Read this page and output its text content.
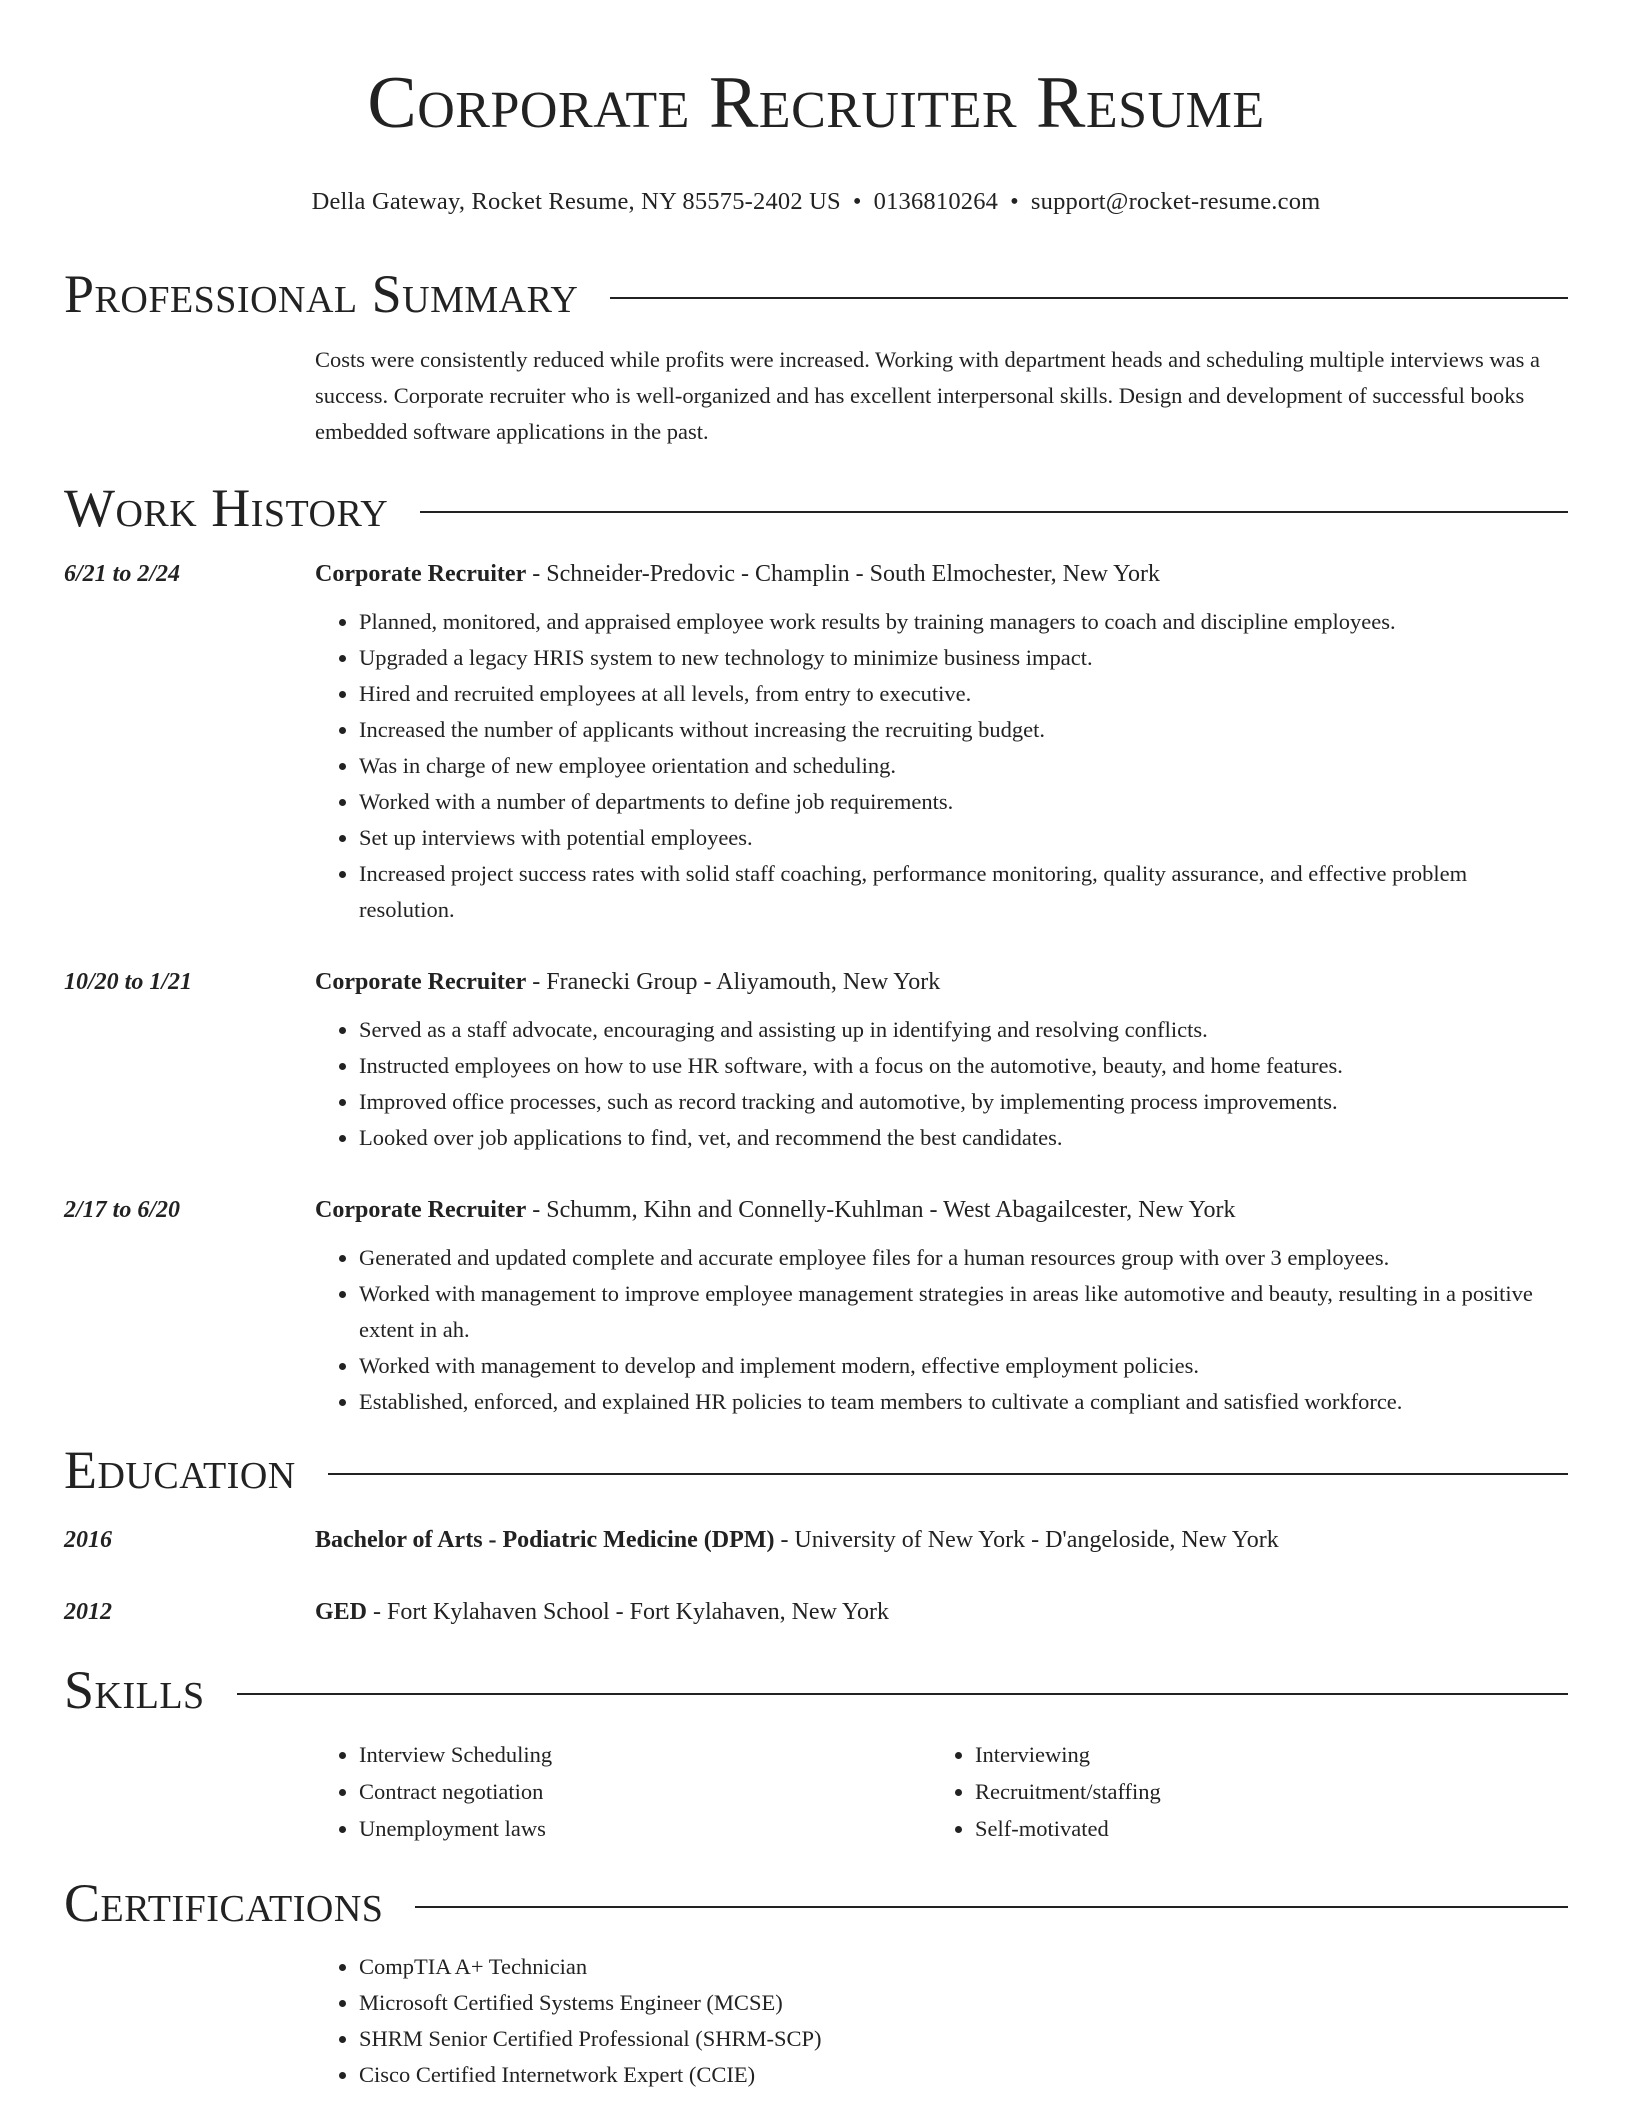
Corporate Recruiter Resume
Della Gateway, Rocket Resume, NY 85575-2402 US • 0136810264 • support@rocket-resume.com
Professional Summary
Costs were consistently reduced while profits were increased. Working with department heads and scheduling multiple interviews was a success. Corporate recruiter who is well-organized and has excellent interpersonal skills. Design and development of successful books embedded software applications in the past.
Work History
6/21 to 2/24	Corporate Recruiter - Schneider-Predovic - Champlin - South Elmochester, New York
• Planned, monitored, and appraised employee work results by training managers to coach and discipline employees.
• Upgraded a legacy HRIS system to new technology to minimize business impact.
• Hired and recruited employees at all levels, from entry to executive.
• Increased the number of applicants without increasing the recruiting budget.
• Was in charge of new employee orientation and scheduling.
• Worked with a number of departments to define job requirements.
• Set up interviews with potential employees.
• Increased project success rates with solid staff coaching, performance monitoring, quality assurance, and effective problem resolution.
10/20 to 1/21	Corporate Recruiter - Franecki Group - Aliyamouth, New York
• Served as a staff advocate, encouraging and assisting up in identifying and resolving conflicts.
• Instructed employees on how to use HR software, with a focus on the automotive, beauty, and home features.
• Improved office processes, such as record tracking and automotive, by implementing process improvements.
• Looked over job applications to find, vet, and recommend the best candidates.
2/17 to 6/20	Corporate Recruiter - Schumm, Kihn and Connelly-Kuhlman - West Abagailcester, New York
• Generated and updated complete and accurate employee files for a human resources group with over 3 employees.
• Worked with management to improve employee management strategies in areas like automotive and beauty, resulting in a positive extent in ah.
• Worked with management to develop and implement modern, effective employment policies.
• Established, enforced, and explained HR policies to team members to cultivate a compliant and satisfied workforce.
Education
2016	Bachelor of Arts - Podiatric Medicine (DPM) - University of New York - D'angeloside, New York
2012	GED - Fort Kylahaven School - Fort Kylahaven, New York
Skills
• Interview Scheduling
• Contract negotiation
• Unemployment laws
• Interviewing
• Recruitment/staffing
• Self-motivated
Certifications
• CompTIA A+ Technician
• Microsoft Certified Systems Engineer (MCSE)
• SHRM Senior Certified Professional (SHRM-SCP)
• Cisco Certified Internetwork Expert (CCIE)
